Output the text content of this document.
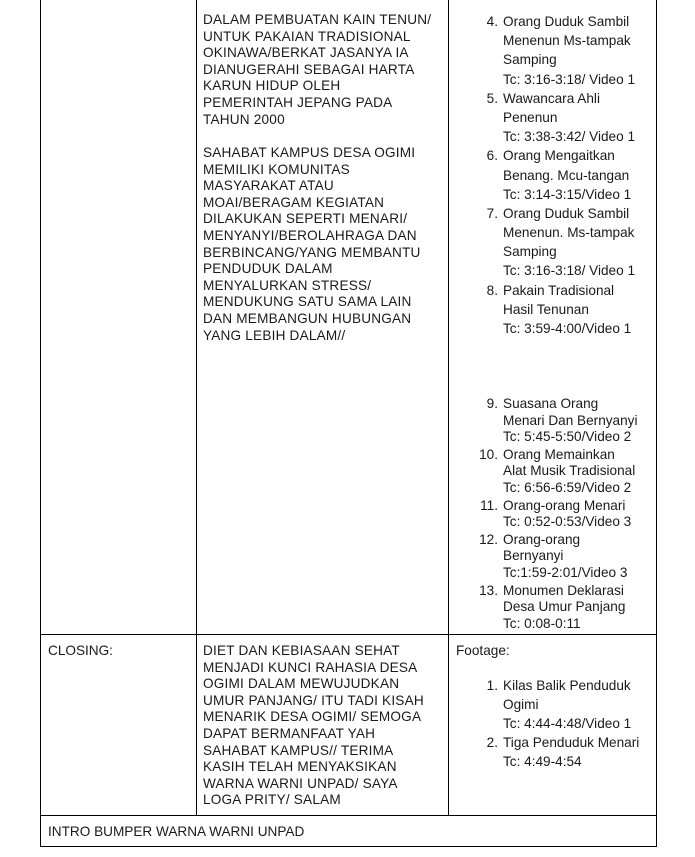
DALAM PEMBUATAN KAIN TENUN/
UNTUK PAKAIAN TRADISIONAL
OKINAWA/BERKAT JASANYA IA
DIANUGERAHI SEBAGAI HARTA
KARUN HIDUP OLEH
PEMERINTAH JEPANG PADA
TAHUN 2000
SAHABAT KAMPUS DESA OGIMI
MEMILIKI KOMUNITAS
MASYARAKAT ATAU
MOAI/BERAGAM KEGIATAN
DILAKUKAN SEPERTI MENARI/
MENYANYI/BEROLAHRAGA DAN
BERBINCANG/YANG MEMBANTU
PENDUDUK DALAM
MENYALURKAN STRESS/
MENDUKUNG SATU SAMA LAIN
DAN MEMBANGUN HUBUNGAN
YANG LEBIH DALAM//
4. Orang Duduk Sambil
Menenun Ms-tampak
Samping
Tc: 3:16-3:18/ Video 1
5. Wawancara Ahli
Penenun
Tc: 3:38-3:42/ Video 1
6. Orang Mengaitkan
Benang. Mcu-tangan
Tc: 3:14-3:15/Video 1
7. Orang Duduk Sambil
Menenun. Ms-tampak
Samping
Tc: 3:16-3:18/ Video 1
8. Pakain Tradisional
Hasil Tenunan
Tc: 3:59-4:00/Video 1
9. Suasana Orang
Menari Dan Bernyanyi
Tc: 5:45-5:50/Video 2
10. Orang Memainkan
Alat Musik Tradisional
Tc: 6:56-6:59/Video 2
11. Orang-orang Menari
Tc: 0:52-0:53/Video 3
12. Orang-orang
Bernyanyi
Tc:1:59-2:01/Video 3
13. Monumen Deklarasi
Desa Umur Panjang
Tc: 0:08-0:11
CLOSING:	DIET DAN KEBIASAAN SEHAT
MENJADI KUNCI RAHASIA DESA
OGIMI DALAM MEWUJUDKAN
UMUR PANJANG/ ITU TADI KISAH
MENARIK DESA OGIMI/ SEMOGA
DAPAT BERMANFAAT YAH
SAHABAT KAMPUS// TERIMA
KASIH TELAH MENYAKSIKAN
WARNA WARNI UNPAD/ SAYA
LOGA PRITY/ SALAM
Footage:
1. Kilas Balik Penduduk
Ogimi
Tc: 4:44-4:48/Video 1
2. Tiga Penduduk Menari
Tc: 4:49-4:54
INTRO BUMPER WARNA WARNI UNPAD
